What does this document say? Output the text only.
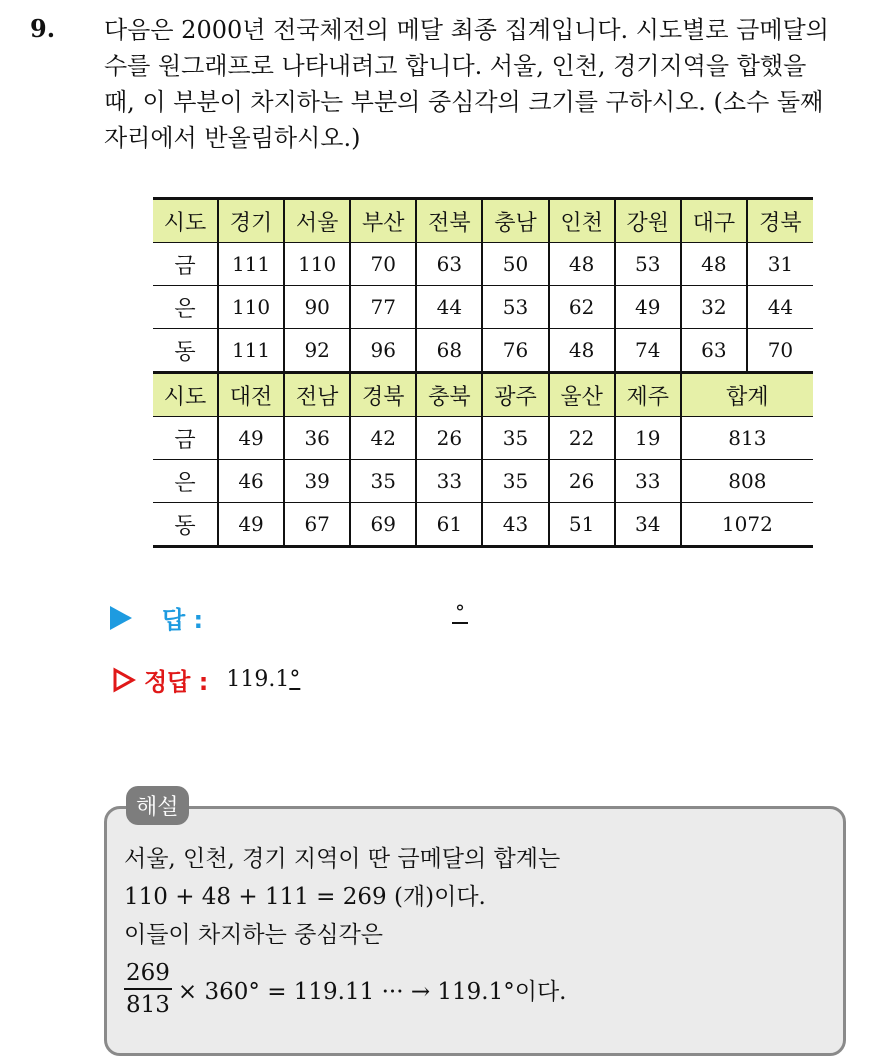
9. 다음은 2000년 전국체전의 메달 최종 집계입니다. 시도별로 금메달의
수를 원그래프로 나타내려고 합니다. 서울, 인천, 경기지역을 합했을
때, 이 부분이 차지하는 부분의 중심각의 크기를 구하시오. (소수 둘째
자리에서 반올림하시오.)
시도	경기	서울	부산	전북	충남	인천	강원	대구	경북
금	111	110	70	63	50	48	53	48	31
은	110	90	77	44	53	62	49	32	44
동	111	92	96	68	76	48	74	63	70
시도	대전	전남	경북	충북	광주	울산	제주	합계	
금	49	36	42	26	35	22	19	813	
은	46	39	35	33	35	26	33	808	
동	49	67	69	61	43	51	34	1072	
답 :	°
정답 : 119.1°
해설
서울, 인천, 경기 지역이 딴 금메달의 합계는
110 + 48 + 111 = 269 (개)이다.
이들이 차지하는 중심각은
$\frac{269}{813} \times 360^\circ = 119.11$ ··· → 119.1°이다.
